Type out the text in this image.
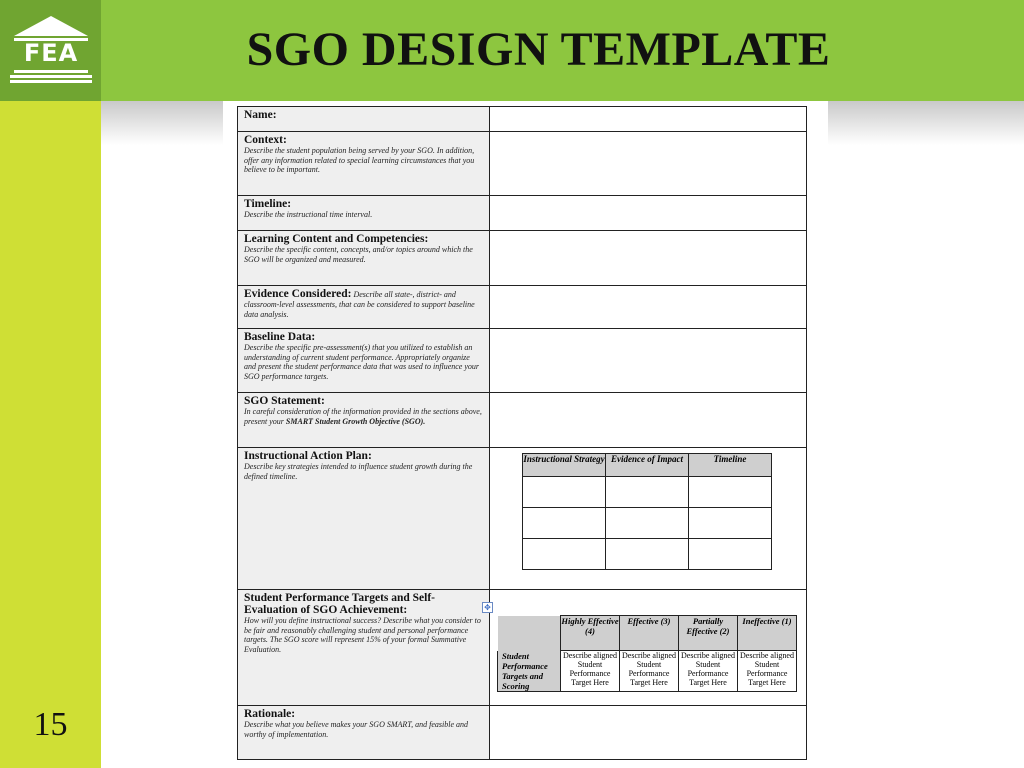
FEA	SGO DESIGN TEMPLATE
15
Name:
Context:
Describe the student population being served by your SGO. In addition, offer any information related to special learning circumstances that you believe to be important.
Timeline:
Describe the instructional time interval.
Learning Content and Competencies:
Describe the specific content, concepts, and/or topics around which the SGO will be organized and measured.
Evidence Considered: Describe all state-, district- and classroom-level assessments, that can be considered to support baseline data analysis.
Baseline Data:
Describe the specific pre-assessment(s) that you utilized to establish an understanding of current student performance. Appropriately organize and present the student performance data that was used to influence your SGO performance targets.
SGO Statement:
In careful consideration of the information provided in the sections above, present your SMART Student Growth Objective (SGO).
Instructional Action Plan:
Describe key strategies intended to influence student growth during the defined timeline.
Instructional Strategy	Evidence of Impact	Timeline

Student Performance Targets and Self-Evaluation of SGO Achievement:
How will you define instructional success? Describe what you consider to be fair and reasonably challenging student and personal performance targets. The SGO score will represent 15% of your formal Summative Evaluation.
✥
	Highly Effective (4)	Effective (3)	Partially Effective (2)	Ineffective (1)
Student Performance Targets and Scoring	Describe aligned Student Performance Target Here	Describe aligned Student Performance Target Here	Describe aligned Student Performance Target Here	Describe aligned Student Performance Target Here
Rationale:
Describe what you believe makes your SGO SMART, and feasible and worthy of implementation.
